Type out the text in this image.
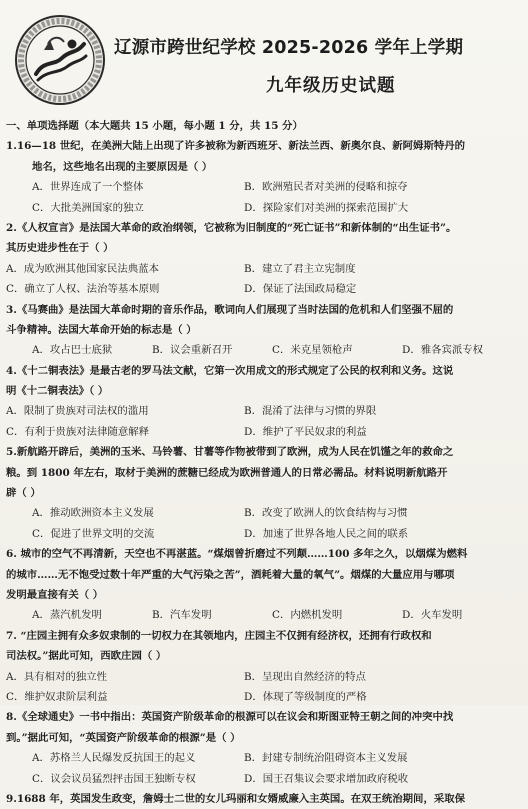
辽源市跨世纪学校 2025-2026 学年上学期
九年级历史试题
一、单项选择题（本大题共 15 小题，每小题 1 分，共 15 分）
1.16—18 世纪，在美洲大陆上出现了许多被称为新西班牙、新法兰西、新奥尔良、新阿姆斯特丹的
地名，这些地名出现的主要原因是（ ）
A．世界连成了一个整体	B．欧洲殖民者对美洲的侵略和掠夺
C．大批美洲国家的独立	D．探险家们对美洲的探索范围扩大
2.《人权宣言》是法国大革命的政治纲领，它被称为旧制度的“死亡证书”和新体制的“出生证书”。
其历史进步性在于（ ）
A．成为欧洲其他国家民法典蓝本	B．建立了君主立宪制度
C．确立了人权、法治等基本原则	D．保证了法国政局稳定
3.《马赛曲》是法国大革命时期的音乐作品，歌词向人们展现了当时法国的危机和人们坚强不屈的
斗争精神。法国大革命开始的标志是（ ）
A．攻占巴士底狱	B．议会重新召开	C．米克星领枪声	D．雅各宾派专权
4.《十二铜表法》是最古老的罗马法文献，它第一次用成文的形式规定了公民的权利和义务。这说
明《十二铜表法》（ ）
A．限制了贵族对司法权的滥用	B．混淆了法律与习惯的界限
C．有利于贵族对法律随意解释	D．维护了平民奴隶的利益
5.新航路开辟后，美洲的玉米、马铃薯、甘薯等作物被带到了欧洲，成为人民在饥馑之年的救命之
粮。到 1800 年左右，取材于美洲的蔗糖已经成为欧洲普通人的日常必需品。材料说明新航路开
辟（ ）
A．推动欧洲资本主义发展	B．改变了欧洲人的饮食结构与习惯
C．促进了世界文明的交流	D．加速了世界各地人民之间的联系
6. 城市的空气不再清新，天空也不再湛蓝。“煤烟曾折磨过不列颠……100 多年之久，以烟煤为燃料
的城市……无不饱受过数十年严重的大气污染之苦”，酒耗着大量的氧气”。烟煤的大量应用与哪项
发明最直接有关（ ）
A．蒸汽机发明	B．汽车发明	C．内燃机发明	D．火车发明
7. “庄园主拥有众多奴隶制的一切权力在其领地内，庄园主不仅拥有经济权，还拥有行政权和
司法权。”据此可知，西欧庄园（ ）
A．具有相对的独立性	B．呈现出自然经济的特点
C．维护奴隶阶层利益	D．体现了等级制度的严格
8.《全球通史》一书中指出：英国资产阶级革命的根源可以在议会和斯图亚特王朝之间的冲突中找
到。”据此可知，“英国资产阶级革命的根源”是（ ）
A．苏格兰人民爆发反抗国王的起义	B．封建专制统治阻碍资本主义发展
C．议会议员猛烈抨击国王独断专权	D．国王召集议会要求增加政府税收
9.1688 年，英国发生政变，詹姆士二世的女儿玛丽和女婿威廉入主英国。在双王统治期间，采取保
